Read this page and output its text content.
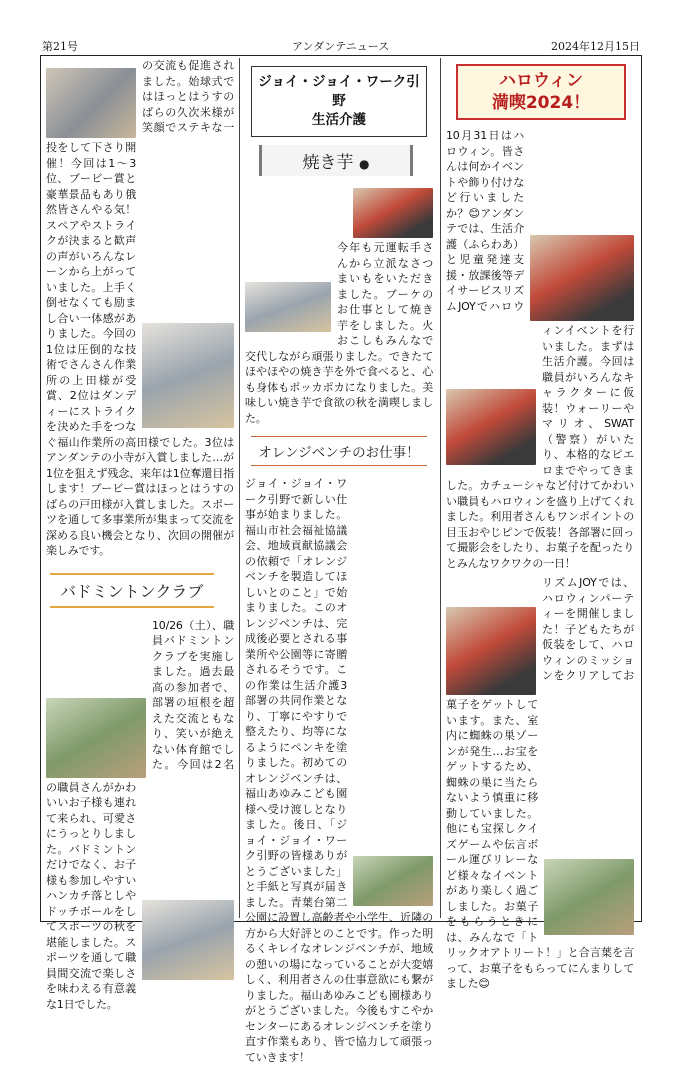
第21号	アンダンテニュース	2024年12月15日

の交流も促進されました。始球式ではほっとはうすのばらの久次米様が笑顔でステキな一投をして下さり開催！今回は1～3位、ブービー賞と豪華景品もあり俄然皆さんやる気！スペアやストライクが決まると歓声の声がいろんなレーンから上がっていました。上手く倒せなくても励まし合い一体感がありました。今回の1位は圧倒的な技術でさんさん作業所の上田様が受賞、2位はダンディーにストライクを決めた手をつなぐ福山作業所の高田様でした。3位はアンダンテの小寺が入賞しました…が1位を狙えず残念、来年は1位奪還目指します！ブービー賞はほっとはうすのばらの戸田様が入賞しました。スポーツを通して多事業所が集まって交流を深める良い機会となり、次回の開催が楽しみです。

バドミントンクラブ

10/26（土）、職員バドミントンクラブを実施しました。過去最高の参加者で、部署の垣根を超えた交流ともなり、笑いが絶えない体育館でした。今回は2名の職員さんがかわいいお子様も連れて来られ、可愛さにうっとりしました。バドミントンだけでなく、お子様も参加しやすいハンカチ落としやドッチボールをしてスポーツの秋を堪能しました。スポーツを通して職員間交流で楽しさを味わえる有意義な1日でした。

ジョイ・ジョイ・ワーク引野
生活介護
焼き芋 ●

今年も元運転手さんから立派なさつまいもをいただきました。ブーケのお仕事として焼き芋をしました。火おこしもみんなで交代しながら頑張りました。できたてほやほやの焼き芋を外で食べると、心も身体もポッカポカになりました。美味しい焼き芋で食欲の秋を満喫しました。

オレンジベンチのお仕事！

ジョイ・ジョイ・ワーク引野で新しい仕事が始まりました。福山市社会福祉協議会、地域貢献協議会の依頼で「オレンジベンチを製造してほしいとのこと」で始まりました。このオレンジベンチは、完成後必要とされる事業所や公園等に寄贈されるそうです。この作業は生活介護3部署の共同作業となり、丁寧にやすりで整えたり、均等になるようにペンキを塗りました。初めてのオレンジベンチは、福山あゆみこども園様へ受け渡しとなりました。後日、「ジョイ・ジョイ・ワーク引野の皆様ありがとうございました」と手紙と写真が届きました。青葉台第二公園に設置し高齢者や小学生、近隣の方から大好評とのことです。作った明るくキレイなオレンジベンチが、地域の憩いの場になっていることが大変嬉しく、利用者さんの仕事意欲にも繋がりました。福山あゆみこども園様ありがとうございました。今後もすこやかセンターにあるオレンジベンチを塗り直す作業もあり、皆で協力して頑張っていきます！

ハロウィン
満喫2024！

10月31日はハロウィン。皆さんは何かイベントや飾り付けなど行いましたか？😊アンダンテでは、生活介護（ふらわあ）と児童発達支援・放課後等デイサービスリズムJOYでハロウィンイベントを行いました。まずは生活介護。今回は職員がいろんなキャラクターに仮装！ウォーリーやマリオ、SWAT（警察）がいたり、本格的なピエロまでやってきました。カチューシャなど付けてかわいい職員もハロウィンを盛り上げてくれました。利用者さんもワンポイントの目玉おやじピンで仮装！各部署に回って撮影会をしたり、お菓子を配ったりとみんなワクワクの一日！

リズムJOYでは、ハロウィンパーティーを開催しました！子どもたちが仮装をして、ハロウィンのミッションをクリアしてお菓子をゲットしています。また、室内に蜘蛛の巣ゾーンが発生…お宝をゲットするため、蜘蛛の巣に当たらないよう慎重に移動していました。他にも宝探しクイズゲームや伝言ボール運びリレーなど様々なイベントがあり楽しく過ごしました。お菓子をもらうときには、みんなで「トリックオアトリート！」と合言葉を言って、お菓子をもらってにんまりしてました😊
